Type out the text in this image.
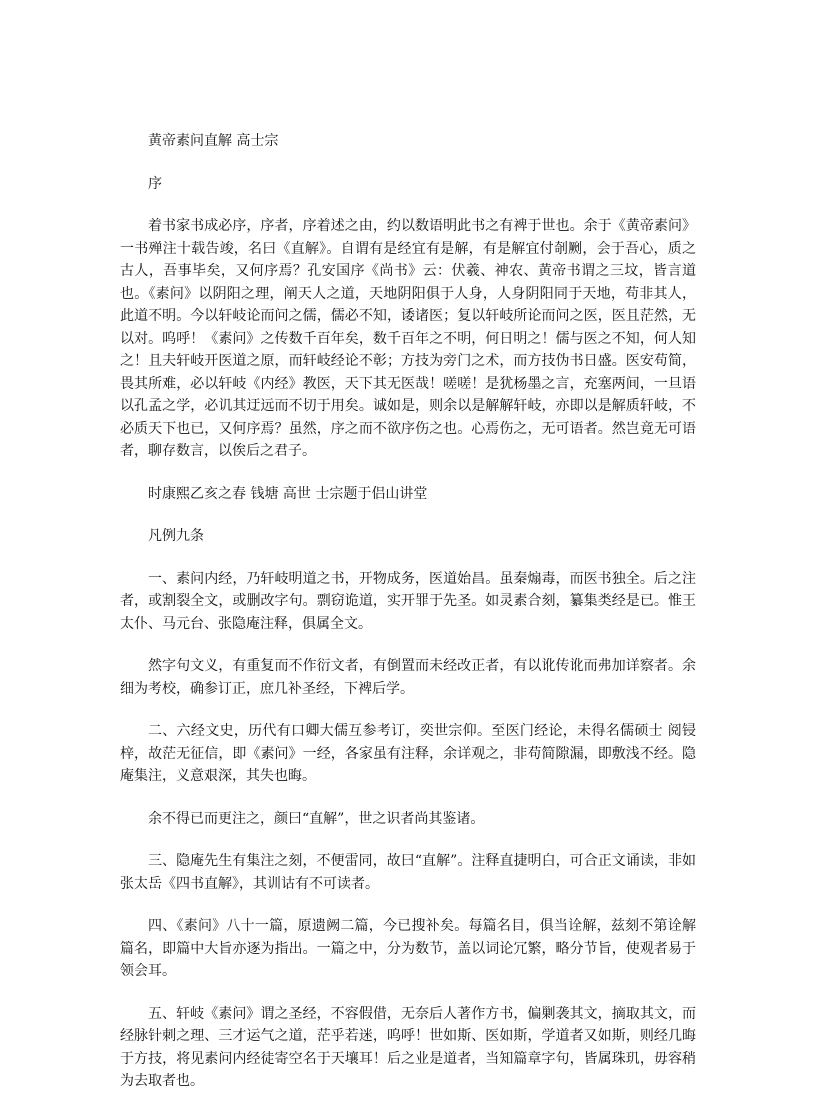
黄帝素问直解 高士宗

序

着书家书成必序，序者，序着述之由，约以数语明此书之有裨于世也。余于《黄帝素问》一书殚注十载告竣，名曰《直解》。自谓有是经宜有是解，有是解宜付剞劂，会于吾心，质之古人，吾事毕矣，又何序焉？孔安国序《尚书》云：伏羲、神农、黄帝书谓之三坟，皆言道也。《素问》以阴阳之理，阐天人之道，天地阴阳俱于人身，人身阴阳同于天地，苟非其人，此道不明。今以轩岐论而问之儒，儒必不知，诿诸医；复以轩岐所论而问之医，医且茫然，无以对。呜呼！《素问》之传数千百年矣，数千百年之不明，何日明之！儒与医之不知，何人知之！且夫轩岐开医道之原，而轩岐经论不彰；方技为旁门之术，而方技伪书日盛。医安苟简，畏其所难，必以轩岐《内经》教医，天下其无医哉！嗟嗟！是犹杨墨之言，充塞两间，一旦语以孔孟之学，必讥其迂远而不切于用矣。诚如是，则余以是解解轩岐，亦即以是解质轩岐，不必质天下也已，又何序焉？虽然，序之而不欲序伤之也。心焉伤之，无可语者。然岂竟无可语者，聊存数言，以俟后之君子。

时康熙乙亥之春 钱塘 高世 士宗题于侣山讲堂

凡例九条

一、素问内经，乃轩岐明道之书，开物成务，医道始昌。虽秦煽毒，而医书独全。后之注者，或割裂全文，或删改字句。剽窃诡道，实开罪于先圣。如灵素合刻，纂集类经是已。惟王太仆、马元台、张隐庵注释，俱属全文。

然字句文义，有重复而不作衍文者，有倒置而未经改正者，有以讹传讹而弗加详察者。余细为考校，确参订正，庶几补圣经，下裨后学。

二、六经文史，历代有口卿大儒互参考订，奕世宗仰。至医门经论，未得名儒硕士 阅锓梓，故茫无征信，即《素问》一经，各家虽有注释，余详观之，非苟简隙漏，即敷浅不经。隐庵集注，义意艰深，其失也晦。

余不得已而更注之，颜曰“直解”，世之识者尚其鉴诸。

三、隐庵先生有集注之刻，不便雷同，故曰“直解”。注释直捷明白，可合正文诵读，非如张太岳《四书直解》，其训诂有不可读者。

四、《素问》八十一篇，原遗阙二篇，今已搜补矣。每篇名目，俱当诠解，兹刻不第诠解篇名，即篇中大旨亦逐为指出。一篇之中，分为数节，盖以词论冗繁，略分节旨，使观者易于领会耳。

五、轩岐《素问》谓之圣经，不容假借，无奈后人著作方书，偏剿袭其文，摘取其文，而经脉针刺之理、三才运气之道，茫乎若迷，呜呼！世如斯、医如斯，学道者又如斯，则经几晦于方技，将见素问内经徒寄空名于天壤耳！后之业是道者，当知篇章字句，皆属珠玑，毋容稍为去取者也。
